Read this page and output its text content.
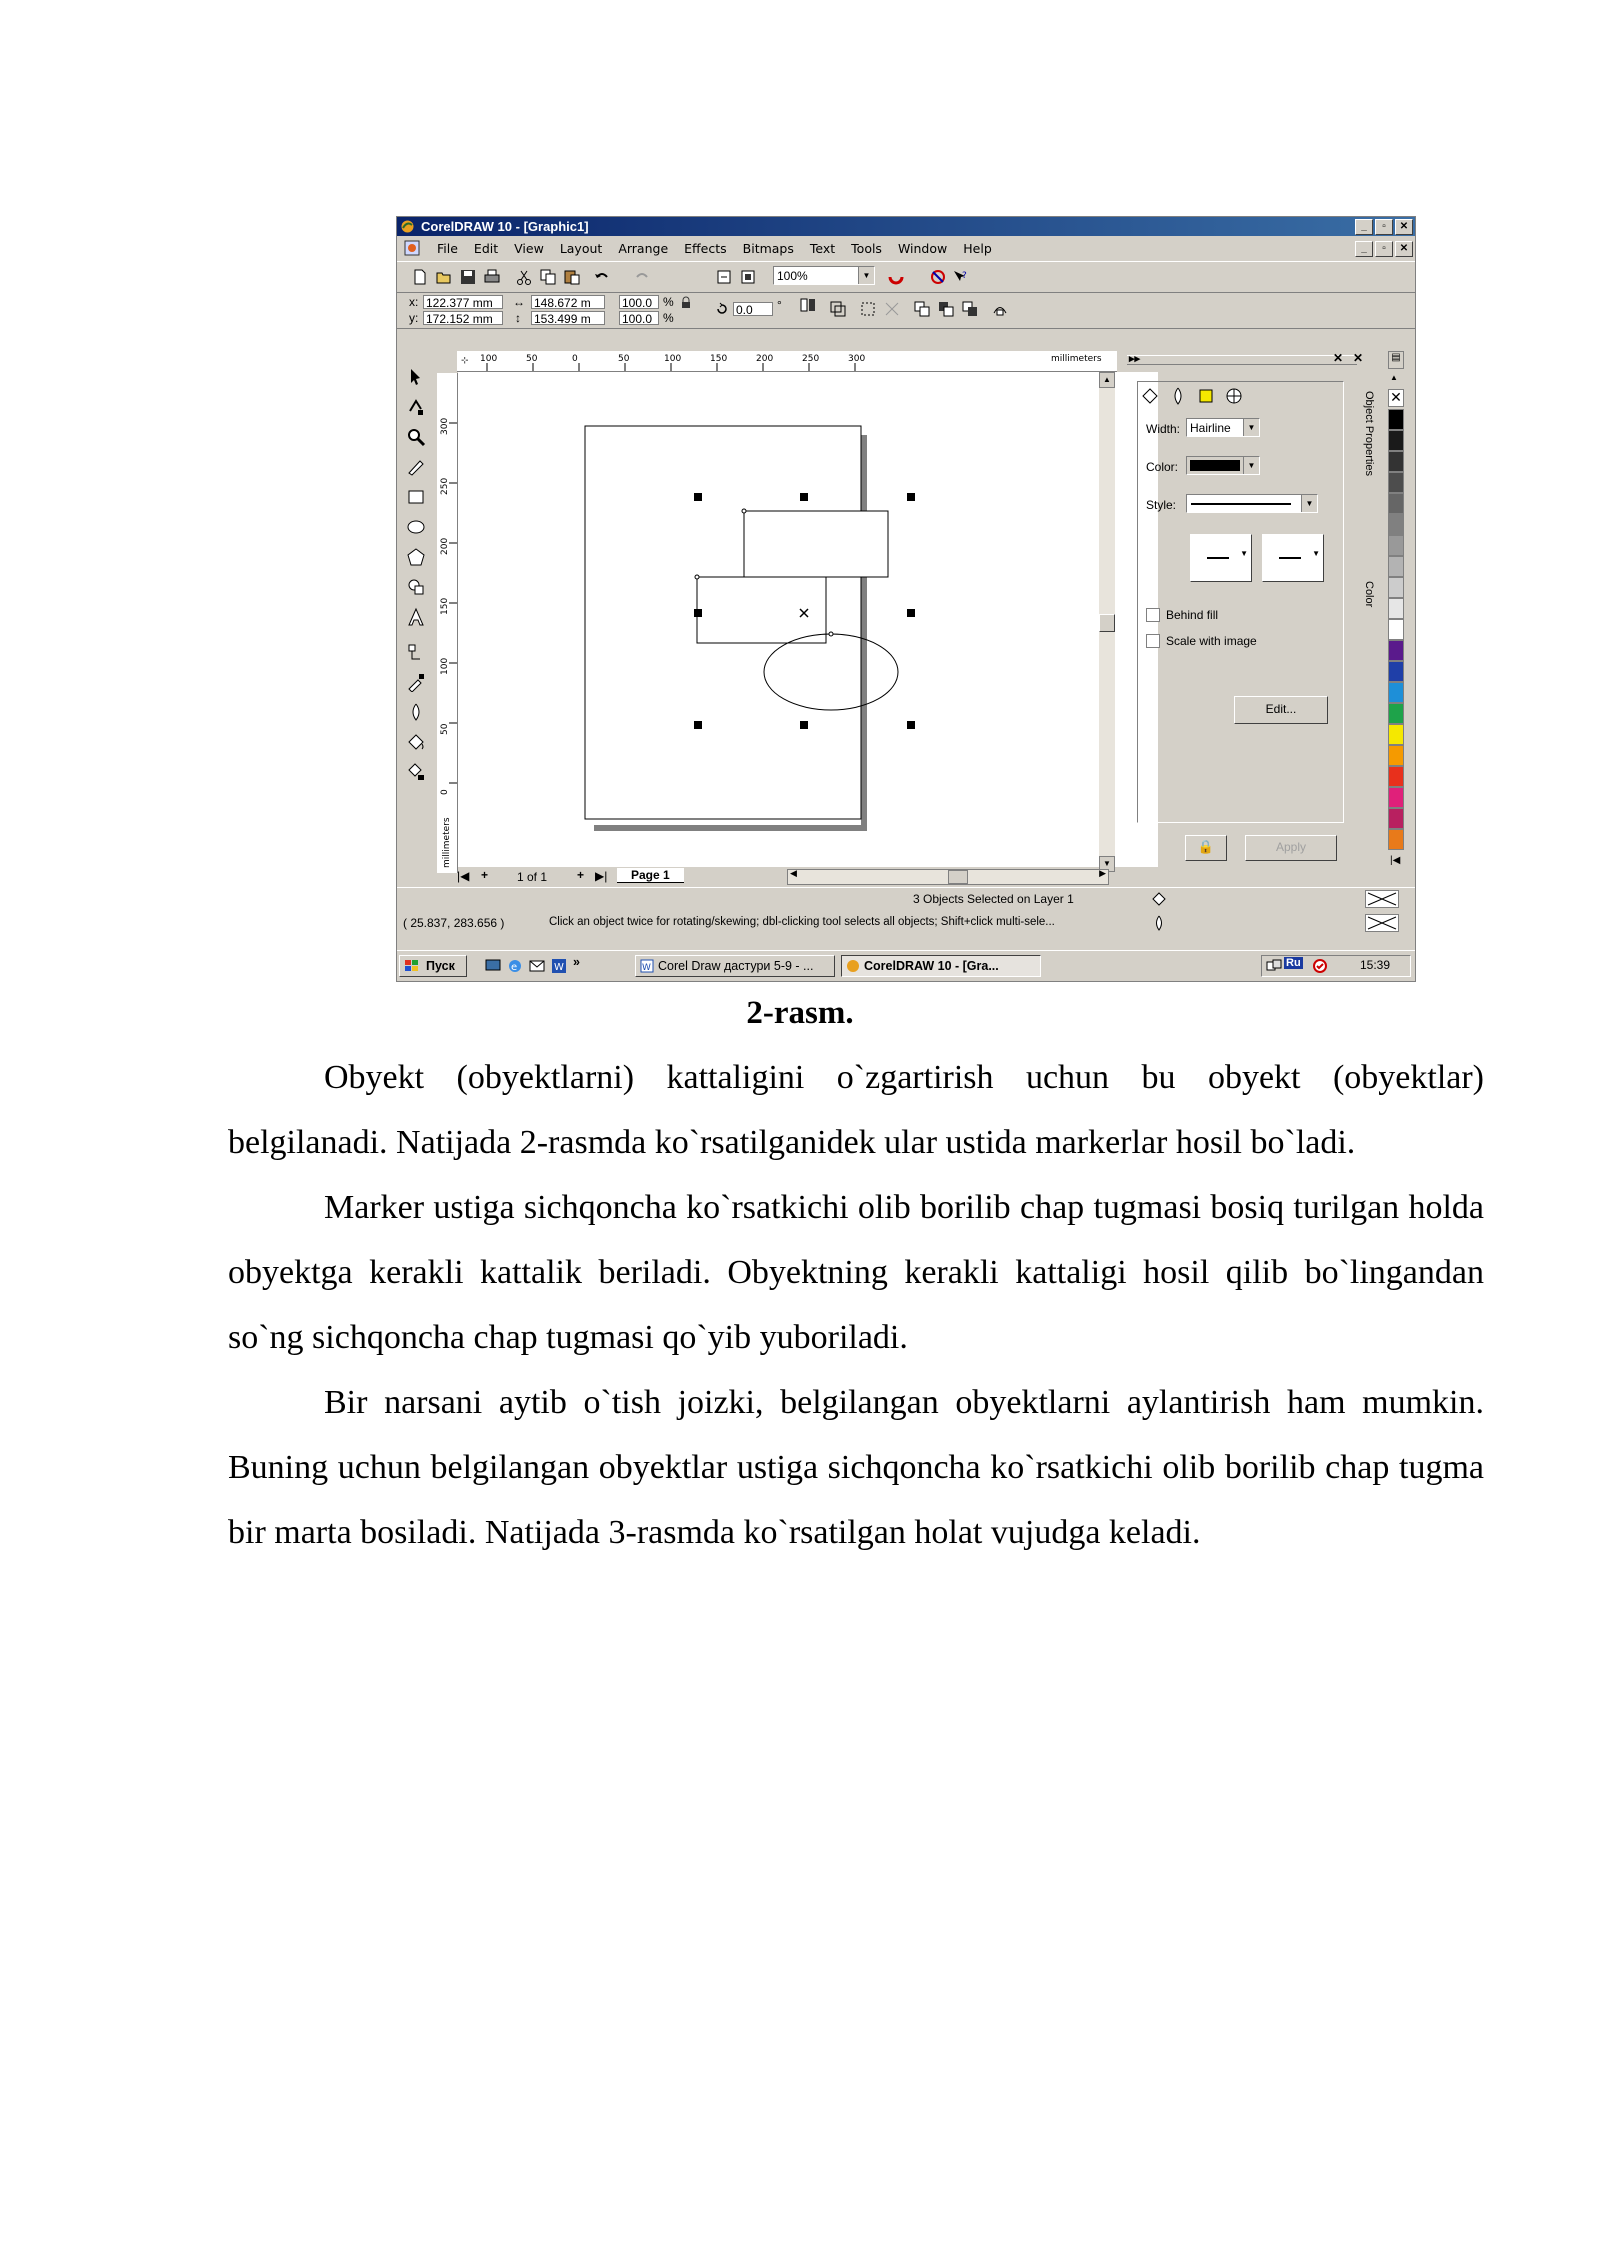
CorelDRAW 10 - [Graphic1]	_	▫	✕
File Edit View Layout Arrange Effects Bitmaps Text Tools Window Help	_	▫	✕
100%	▼	?
x: 122.377 mm
y: 172.152 mm
↔ 148.672 m
↕ 153.499 m
100.0
100.0
%
%
0.0	°
⊹ 100	50	0	50	100	150	200	250	300	millimeters
300
250
200
150
100
50
0
millimeters
▲
▼
|◀ + 1 of 1 + ▶|	Page 1	◀	▶
▸▸	✕ ✕
Width: Hairline	▼
Color:	▼
Style:	▼
▼	▼
Behind fill
Scale with image
Edit...
🔒	Apply
Object Properties
Color
▤
▲
✕
|◀
3 Objects Selected on Layer 1
( 25.837, 283.656 )	Click an object twice for rotating/skewing; dbl-clicking tool selects all objects; Shift+click multi-sele...
Пуск	e	W »	W Corel Draw дастури 5-9 - ...	CorelDRAW 10 - [Gra...	Ru	15:39
2-rasm.

Obyekt (obyektlarni) kattaligini o`zgartirish uchun bu obyekt (obyektlar) belgilanadi. Natijada 2-rasmda ko`rsatilganidek ular ustida markerlar hosil bo`ladi.

Marker ustiga sichqoncha ko`rsatkichi olib borilib chap tugmasi bosiq turilgan holda obyektga kerakli kattalik beriladi. Obyektning kerakli kattaligi hosil qilib bo`lingandan so`ng sichqoncha chap tugmasi qo`yib yuboriladi.

Bir narsani aytib o`tish joizki, belgilangan obyektlarni aylantirish ham mumkin. Buning uchun belgilangan obyektlar ustiga sichqoncha ko`rsatkichi olib borilib chap tugma bir marta bosiladi. Natijada 3-rasmda ko`rsatilgan holat vujudga keladi.
